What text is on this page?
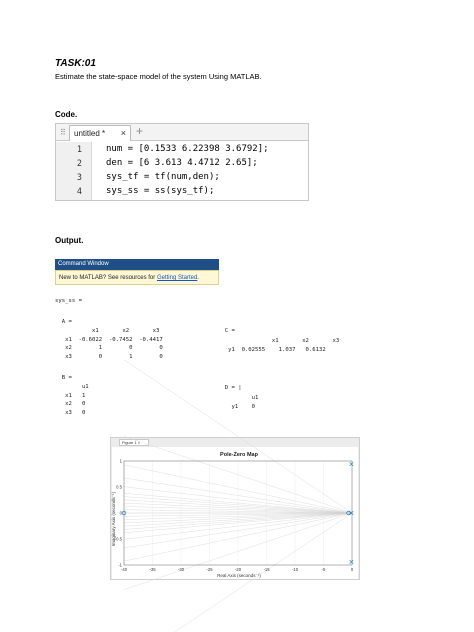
TASK:01
Estimate the state-space model of the system Using MATLAB.
Code.
⠿	untitled * × +
1
2
3
4
num = [0.1533 6.22398 3.6792];
den = [6 3.613 4.4712 2.65];
sys_tf = tf(num,den);
sys_ss = ss(sys_tf);
Output.
Command Window
New to MATLAB? See resources for Getting Started.
sys_ss =
A =
x1       x2       x3
x1  -0.6022  -0.7452  -0.4417
x2        1        0        0
x3        0        1        0
B =
u1
x1   1
x2   0
x3   0
C =
x1       x2       x3
y1  0.02555    1.037   0.6132
D = |
u1
y1    0
Figure 1 ×
Pole-Zero Map
Imaginary Axis (seconds⁻¹)
Real Axis (seconds⁻¹)
-40	-35	-30	-25	-20	-15	-10	-5	0
-1
-0.5
0
0.5
1
